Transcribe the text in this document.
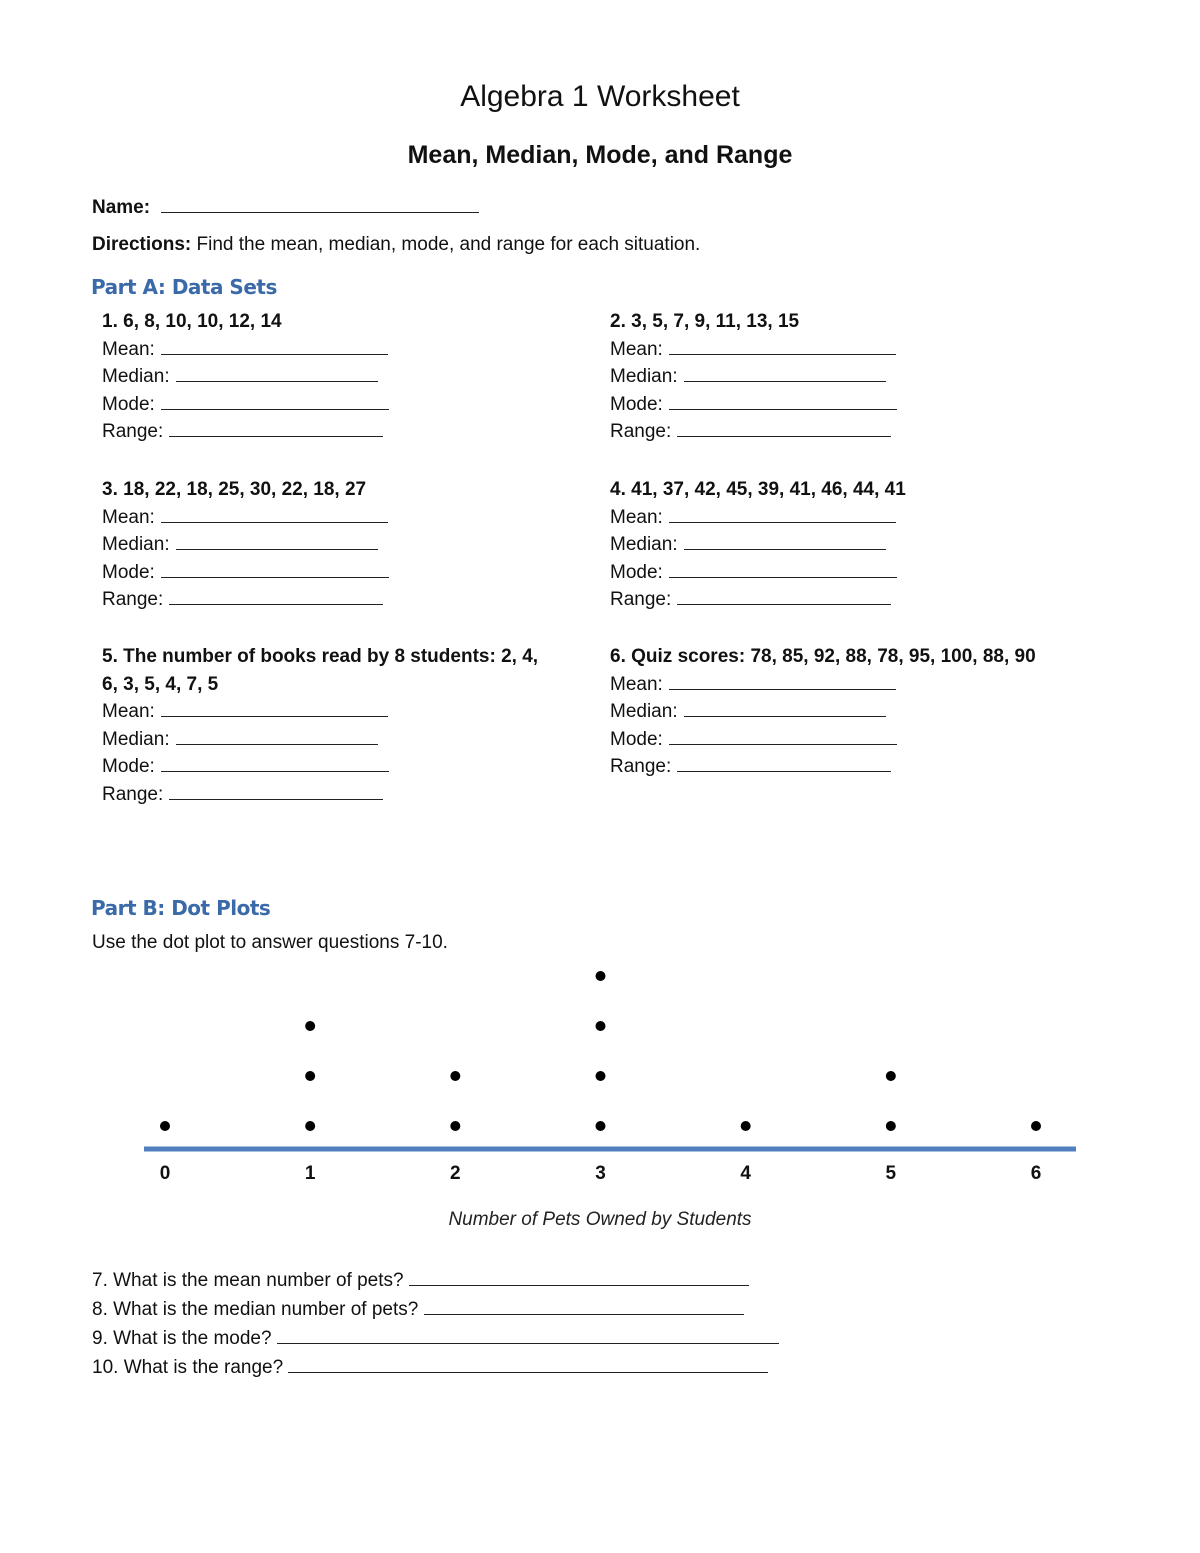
Algebra 1 Worksheet
Mean, Median, Mode, and Range
Name:
Directions: Find the mean, median, mode, and range for each situation.
Part A: Data Sets
1. 6, 8, 10, 10, 12, 14
Mean:
Median:
Mode:
Range:
2. 3, 5, 7, 9, 11, 13, 15
Mean:
Median:
Mode:
Range:
3. 18, 22, 18, 25, 30, 22, 18, 27
Mean:
Median:
Mode:
Range:
4. 41, 37, 42, 45, 39, 41, 46, 44, 41
Mean:
Median:
Mode:
Range:
5. The number of books read by 8 students: 2, 4,
6, 3, 5, 4, 7, 5
Mean:
Median:
Mode:
Range:
6. Quiz scores: 78, 85, 92, 88, 78, 95, 100, 88, 90
Mean:
Median:
Mode:
Range:
Part B: Dot Plots
Use the dot plot to answer questions 7-10.
0	1	2	3	4	5	6
Number of Pets Owned by Students
7. What is the mean number of pets?
8. What is the median number of pets?
9. What is the mode?
10. What is the range?
